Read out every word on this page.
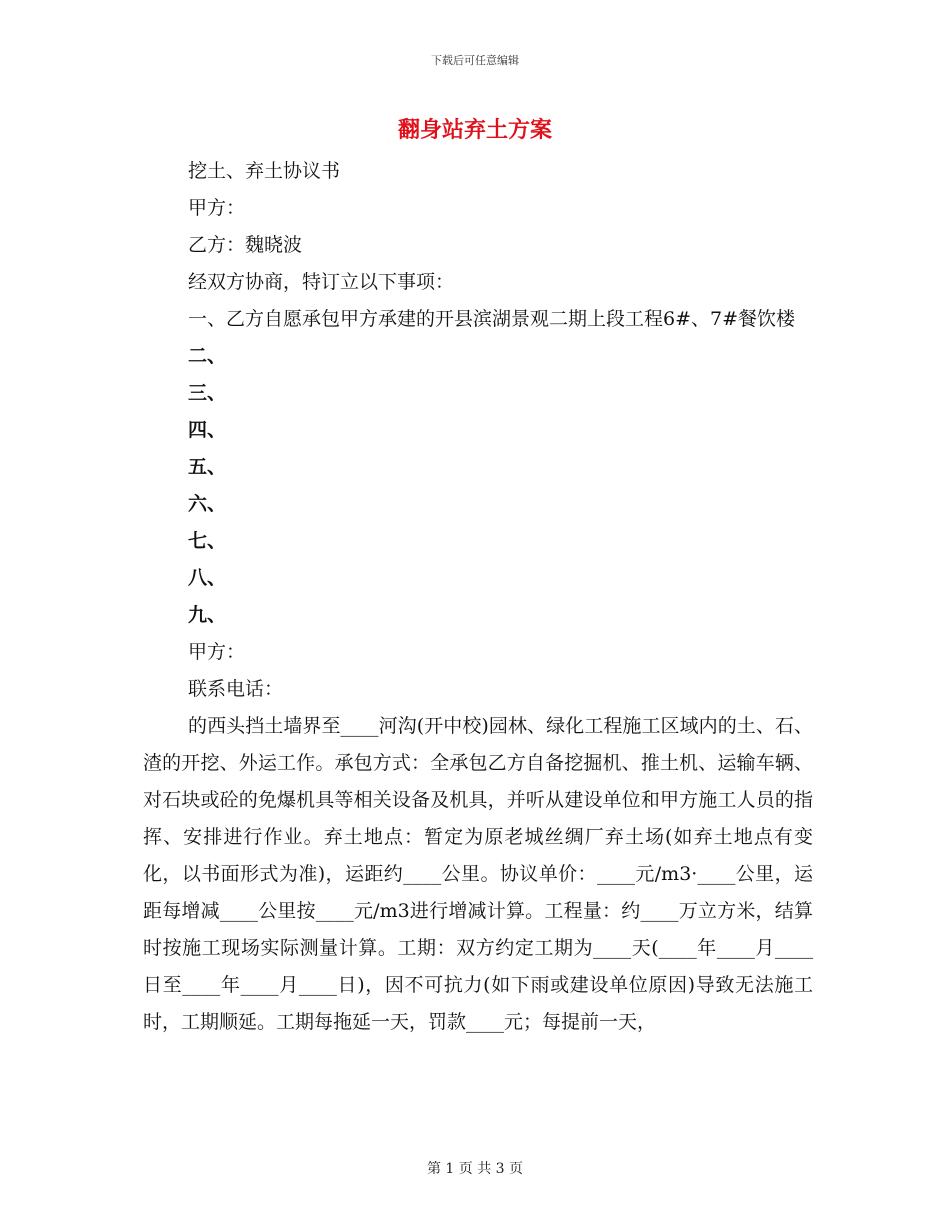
下载后可任意编辑
翻身站弃土方案

挖土、弃土协议书

甲方：

乙方：魏晓波

经双方协商，特订立以下事项：

一、乙方自愿承包甲方承建的开县滨湖景观二期上段工程6#、7#餐饮楼

二、

三、

四、

五、

六、

七、

八、

九、

甲方：

联系电话：

的西头挡土墙界至____河沟(开中校)园林、绿化工程施工区域内的土、石、渣的开挖、外运工作。承包方式：全承包乙方自备挖掘机、推土机、运输车辆、对石块或砼的免爆机具等相关设备及机具，并听从建设单位和甲方施工人员的指挥、安排进行作业。弃土地点：暂定为原老城丝绸厂弃土场(如弃土地点有变化，以书面形式为准)，运距约____公里。协议单价：____元/m3·____公里，运距每增减____公里按____元/m3进行增减计算。工程量：约____万立方米，结算时按施工现场实际测量计算。工期：双方约定工期为____天(____年____月____日至____年____月____日)，因不可抗力(如下雨或建设单位原因)导致无法施工时，工期顺延。工期每拖延一天，罚款____元；每提前一天，

第 1 页 共 3 页
